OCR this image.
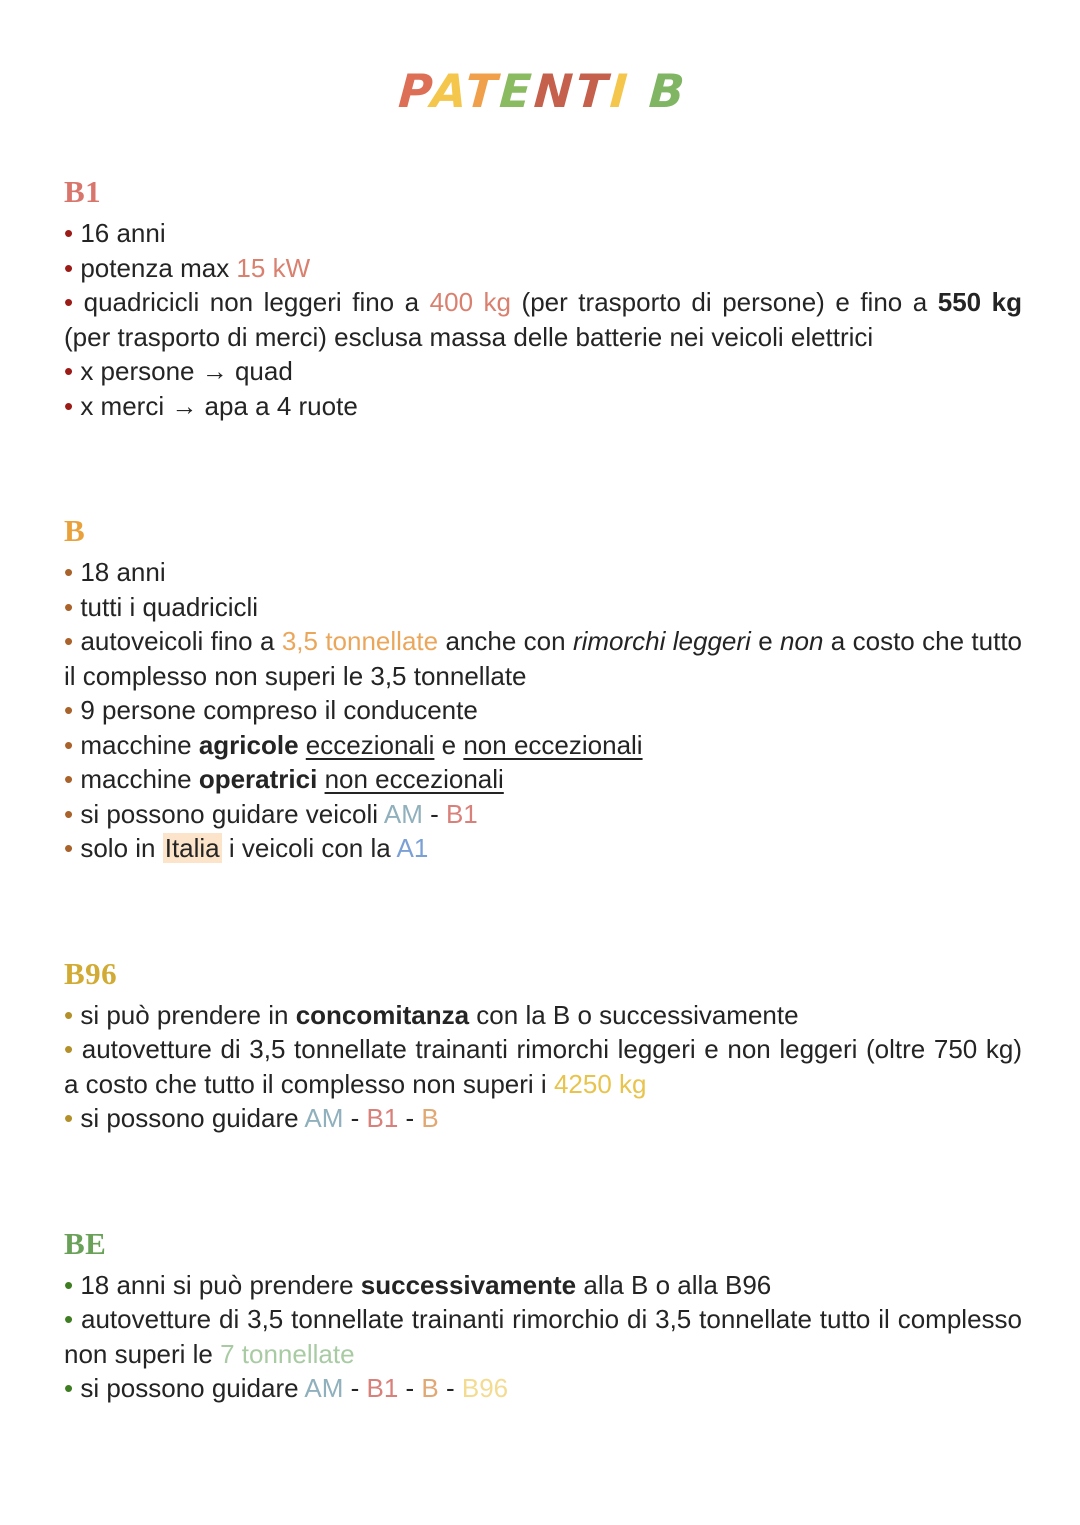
PATENTI B
B1

• 16 anni

• potenza max 15 kW

• quadricicli non leggeri fino a 400 kg (per trasporto di persone) e fino a 550 kg (per trasporto di merci) esclusa massa delle batterie nei veicoli elettrici

• x persone → quad

• x merci → apa a 4 ruote

B

• 18 anni

• tutti i quadricicli

• autoveicoli fino a 3,5 tonnellate anche con rimorchi leggeri e non a costo che tutto il complesso non superi le 3,5 tonnellate

• 9 persone compreso il conducente

• macchine agricole eccezionali e non eccezionali

• macchine operatrici non eccezionali

• si possono guidare veicoli AM - B1

• solo in Italia i veicoli con la A1

B96

• si può prendere in concomitanza con la B o successivamente

• autovetture di 3,5 tonnellate trainanti rimorchi leggeri e non leggeri (oltre 750 kg) a costo che tutto il complesso non superi i 4250 kg

• si possono guidare AM - B1 - B

BE

• 18 anni si può prendere successivamente alla B o alla B96

• autovetture di 3,5 tonnellate trainanti rimorchio di 3,5 tonnellate tutto il complesso non superi le 7 tonnellate

• si possono guidare AM - B1 - B - B96
